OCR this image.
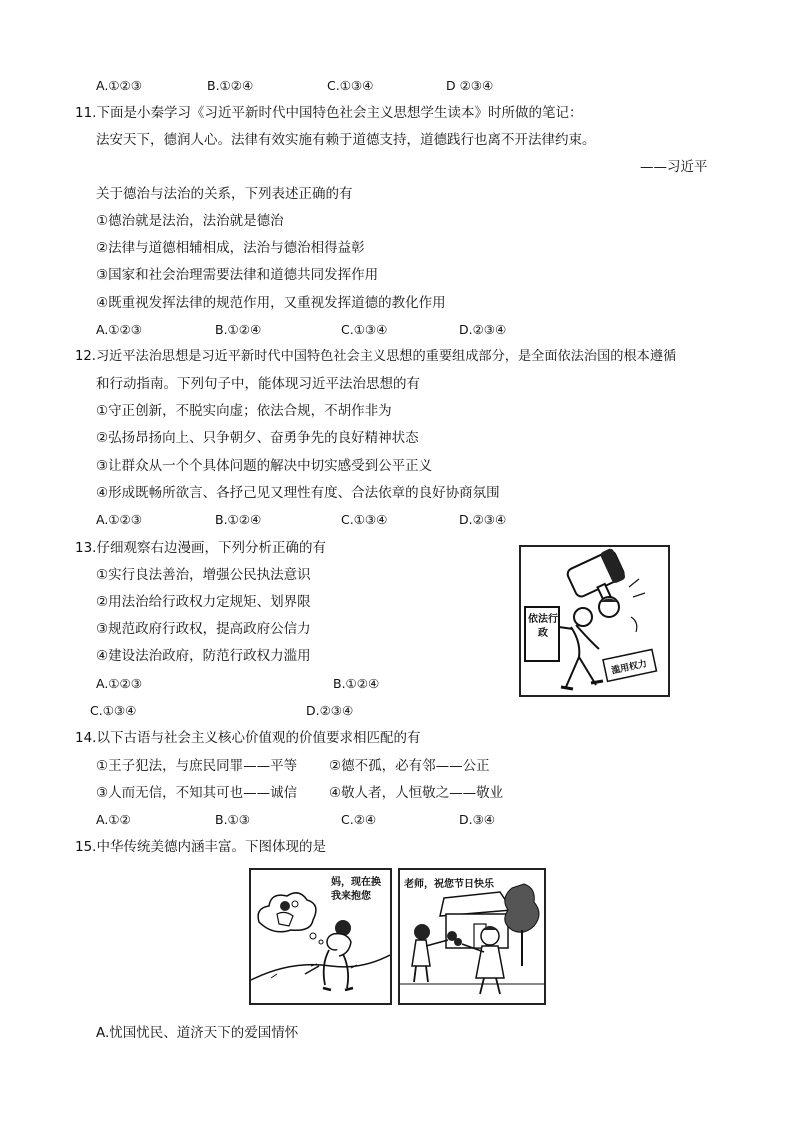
A.①②③	B.①②④	C.①③④	D ②③④
11.下面是小秦学习《习近平新时代中国特色社会主义思想学生读本》时所做的笔记：
法安天下，德润人心。法律有效实施有赖于道德支持，道德践行也离不开法律约束。
——习近平
关于德治与法治的关系，下列表述正确的有
①德治就是法治，法治就是德治
②法律与道德相辅相成，法治与德治相得益彰
③国家和社会治理需要法律和道德共同发挥作用
④既重视发挥法律的规范作用，又重视发挥道德的教化作用
A.①②③	B.①②④	C.①③④	D.②③④
12.习近平法治思想是习近平新时代中国特色社会主义思想的重要组成部分，是全面依法治国的根本遵循
和行动指南。下列句子中，能体现习近平法治思想的有
①守正创新，不脱实向虚；依法合规，不胡作非为
②弘扬昂扬向上、只争朝夕、奋勇争先的良好精神状态
③让群众从一个个具体问题的解决中切实感受到公平正义
④形成既畅所欲言、各抒己见又理性有度、合法依章的良好协商氛围
A.①②③	B.①②④	C.①③④	D.②③④
13.仔细观察右边漫画，下列分析正确的有
①实行良法善治，增强公民执法意识
②用法治给行政权力定规矩、划界限
③规范政府行政权，提高政府公信力
④建设法治政府，防范行政权力滥用
A.①②③	B.①②④
C.①③④	D.②③④
依法行政
滥用权力
14.以下古语与社会主义核心价值观的价值要求相匹配的有
①王子犯法，与庶民同罪——平等 ②德不孤，必有邻——公正
③人而无信，不知其可也——诚信 ④敬人者，人恒敬之——敬业
A.①②	B.①③	C.②④	D.③④
15.中华传统美德内涵丰富。下图体现的是
妈，现在换我来抱您
老师，祝您节日快乐
A.忧国忧民、道济天下的爱国情怀
